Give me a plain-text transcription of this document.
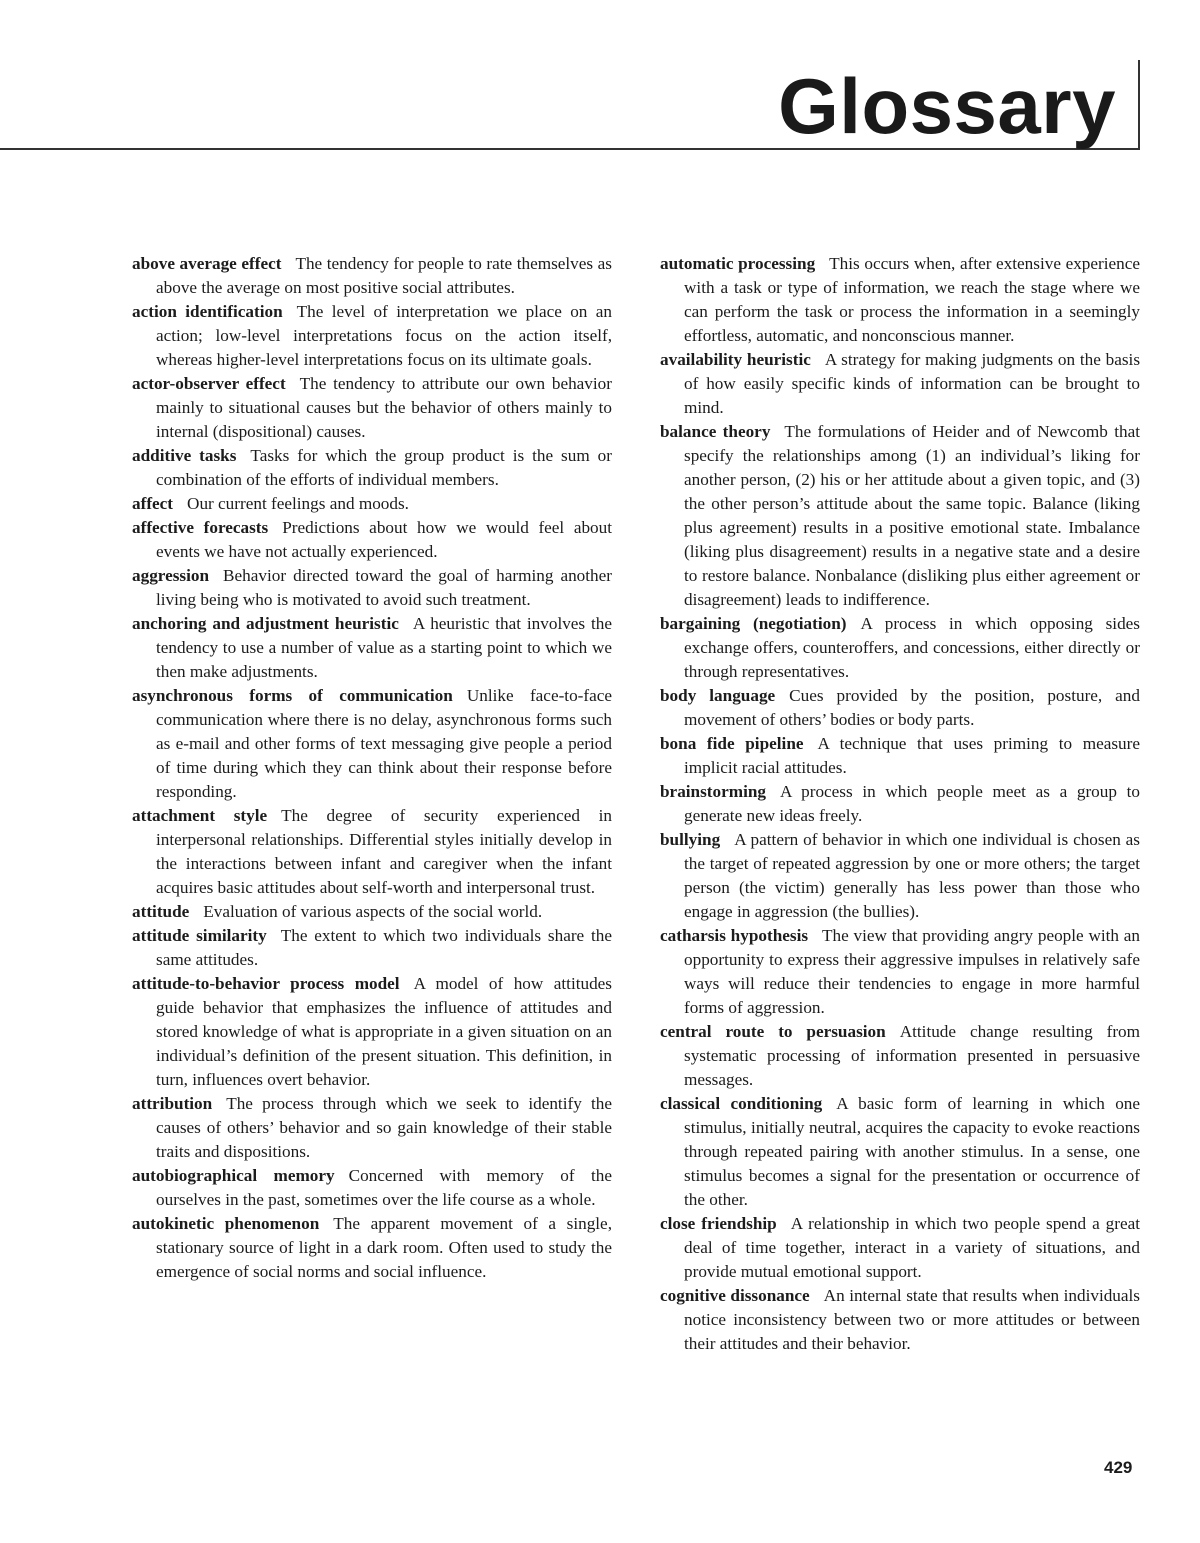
Glossary

above average effect The tendency for people to rate themselves as above the average on most positive social attributes.

action identification The level of interpretation we place on an action; low-level interpretations focus on the action itself, whereas higher-level interpretations focus on its ultimate goals.

actor-observer effect The tendency to attribute our own behavior mainly to situational causes but the behavior of others mainly to internal (dispositional) causes.

additive tasks Tasks for which the group product is the sum or combination of the efforts of individual members.

affect Our current feelings and moods.

affective forecasts Predictions about how we would feel about events we have not actually experienced.

aggression Behavior directed toward the goal of harming another living being who is motivated to avoid such treatment.

anchoring and adjustment heuristic A heuristic that involves the tendency to use a number of value as a starting point to which we then make adjustments.

asynchronous forms of communication Unlike face-to-face communication where there is no delay, asynchronous forms such as e-mail and other forms of text messaging give people a period of time during which they can think about their response before responding.

attachment style The degree of security experienced in interpersonal relationships. Differential styles initially develop in the interactions between infant and caregiver when the infant acquires basic attitudes about self-worth and interpersonal trust.

attitude Evaluation of various aspects of the social world.

attitude similarity The extent to which two individuals share the same attitudes.

attitude-to-behavior process model A model of how attitudes guide behavior that emphasizes the influence of attitudes and stored knowledge of what is appropriate in a given situation on an individual’s definition of the present situation. This definition, in turn, influences overt behavior.

attribution The process through which we seek to identify the causes of others’ behavior and so gain knowledge of their stable traits and dispositions.

autobiographical memory Concerned with memory of the ourselves in the past, sometimes over the life course as a whole.

autokinetic phenomenon The apparent movement of a single, stationary source of light in a dark room. Often used to study the emergence of social norms and social influence.

automatic processing This occurs when, after extensive experience with a task or type of information, we reach the stage where we can perform the task or process the information in a seemingly effortless, automatic, and nonconscious manner.

availability heuristic A strategy for making judgments on the basis of how easily specific kinds of information can be brought to mind.

balance theory The formulations of Heider and of Newcomb that specify the relationships among (1) an individual’s liking for another person, (2) his or her attitude about a given topic, and (3) the other person’s attitude about the same topic. Balance (liking plus agreement) results in a positive emotional state. Imbalance (liking plus disagreement) results in a negative state and a desire to restore balance. Nonbalance (disliking plus either agreement or disagreement) leads to indifference.

bargaining (negotiation) A process in which opposing sides exchange offers, counteroffers, and concessions, either directly or through representatives.

body language Cues provided by the position, posture, and movement of others’ bodies or body parts.

bona fide pipeline A technique that uses priming to measure implicit racial attitudes.

brainstorming A process in which people meet as a group to generate new ideas freely.

bullying A pattern of behavior in which one individual is chosen as the target of repeated aggression by one or more others; the target person (the victim) generally has less power than those who engage in aggression (the bullies).

catharsis hypothesis The view that providing angry people with an opportunity to express their aggressive impulses in relatively safe ways will reduce their tendencies to engage in more harmful forms of aggression.

central route to persuasion Attitude change resulting from systematic processing of information presented in persuasive messages.

classical conditioning A basic form of learning in which one stimulus, initially neutral, acquires the capacity to evoke reactions through repeated pairing with another stimulus. In a sense, one stimulus becomes a signal for the presentation or occurrence of the other.

close friendship A relationship in which two people spend a great deal of time together, interact in a variety of situations, and provide mutual emotional support.

cognitive dissonance An internal state that results when individuals notice inconsistency between two or more attitudes or between their attitudes and their behavior.

429
